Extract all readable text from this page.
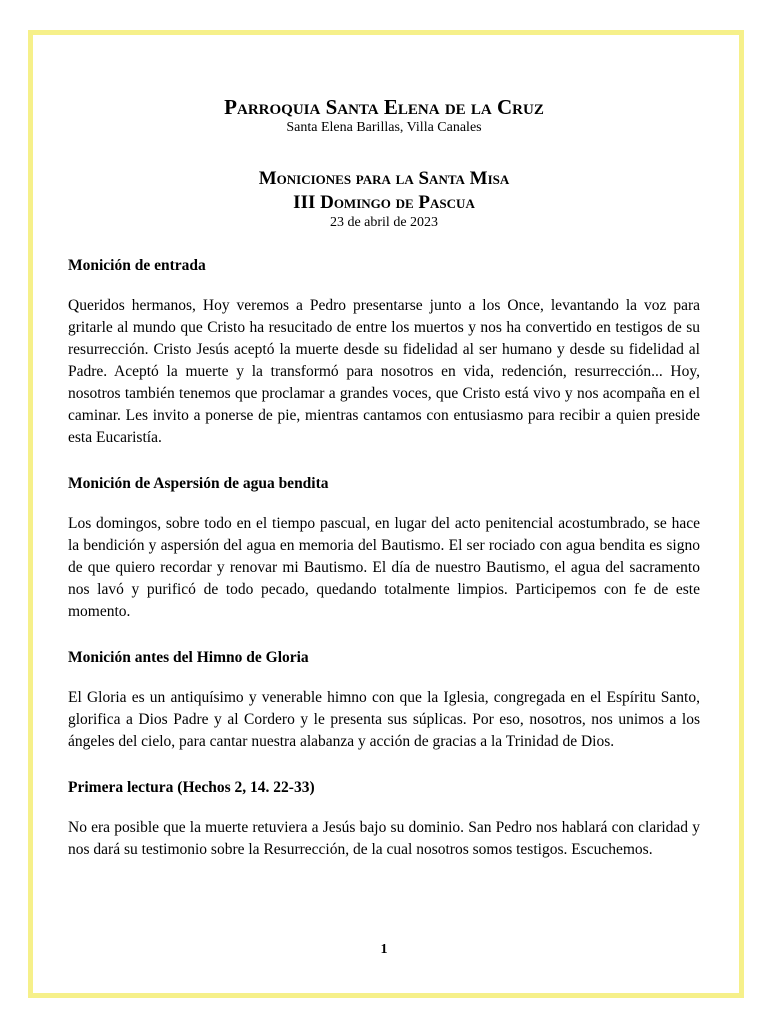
Parroquia Santa Elena de la Cruz

Santa Elena Barillas, Villa Canales

Moniciones para la Santa Misa

III Domingo de Pascua

23 de abril de 2023

Monición de entrada

Queridos hermanos, Hoy veremos a Pedro presentarse junto a los Once, levantando la voz para gritarle al mundo que Cristo ha resucitado de entre los muertos y nos ha convertido en testigos de su resurrección. Cristo Jesús aceptó la muerte desde su fidelidad al ser humano y desde su fidelidad al Padre. Aceptó la muerte y la transformó para nosotros en vida, redención, resurrección... Hoy, nosotros también tenemos que proclamar a grandes voces, que Cristo está vivo y nos acompaña en el caminar. Les invito a ponerse de pie, mientras cantamos con entusiasmo para recibir a quien preside esta Eucaristía.

Monición de Aspersión de agua bendita

Los domingos, sobre todo en el tiempo pascual, en lugar del acto penitencial acostumbrado, se hace la bendición y aspersión del agua en memoria del Bautismo. El ser rociado con agua bendita es signo de que quiero recordar y renovar mi Bautismo. El día de nuestro Bautismo, el agua del sacramento nos lavó y purificó de todo pecado, quedando totalmente limpios. Participemos con fe de este momento.

Monición antes del Himno de Gloria

El Gloria es un antiquísimo y venerable himno con que la Iglesia, congregada en el Espíritu Santo, glorifica a Dios Padre y al Cordero y le presenta sus súplicas. Por eso, nosotros, nos unimos a los ángeles del cielo, para cantar nuestra alabanza y acción de gracias a la Trinidad de Dios.

Primera lectura (Hechos 2, 14. 22-33)

No era posible que la muerte retuviera a Jesús bajo su dominio. San Pedro nos hablará con claridad y nos dará su testimonio sobre la Resurrección, de la cual nosotros somos testigos. Escuchemos.

1
